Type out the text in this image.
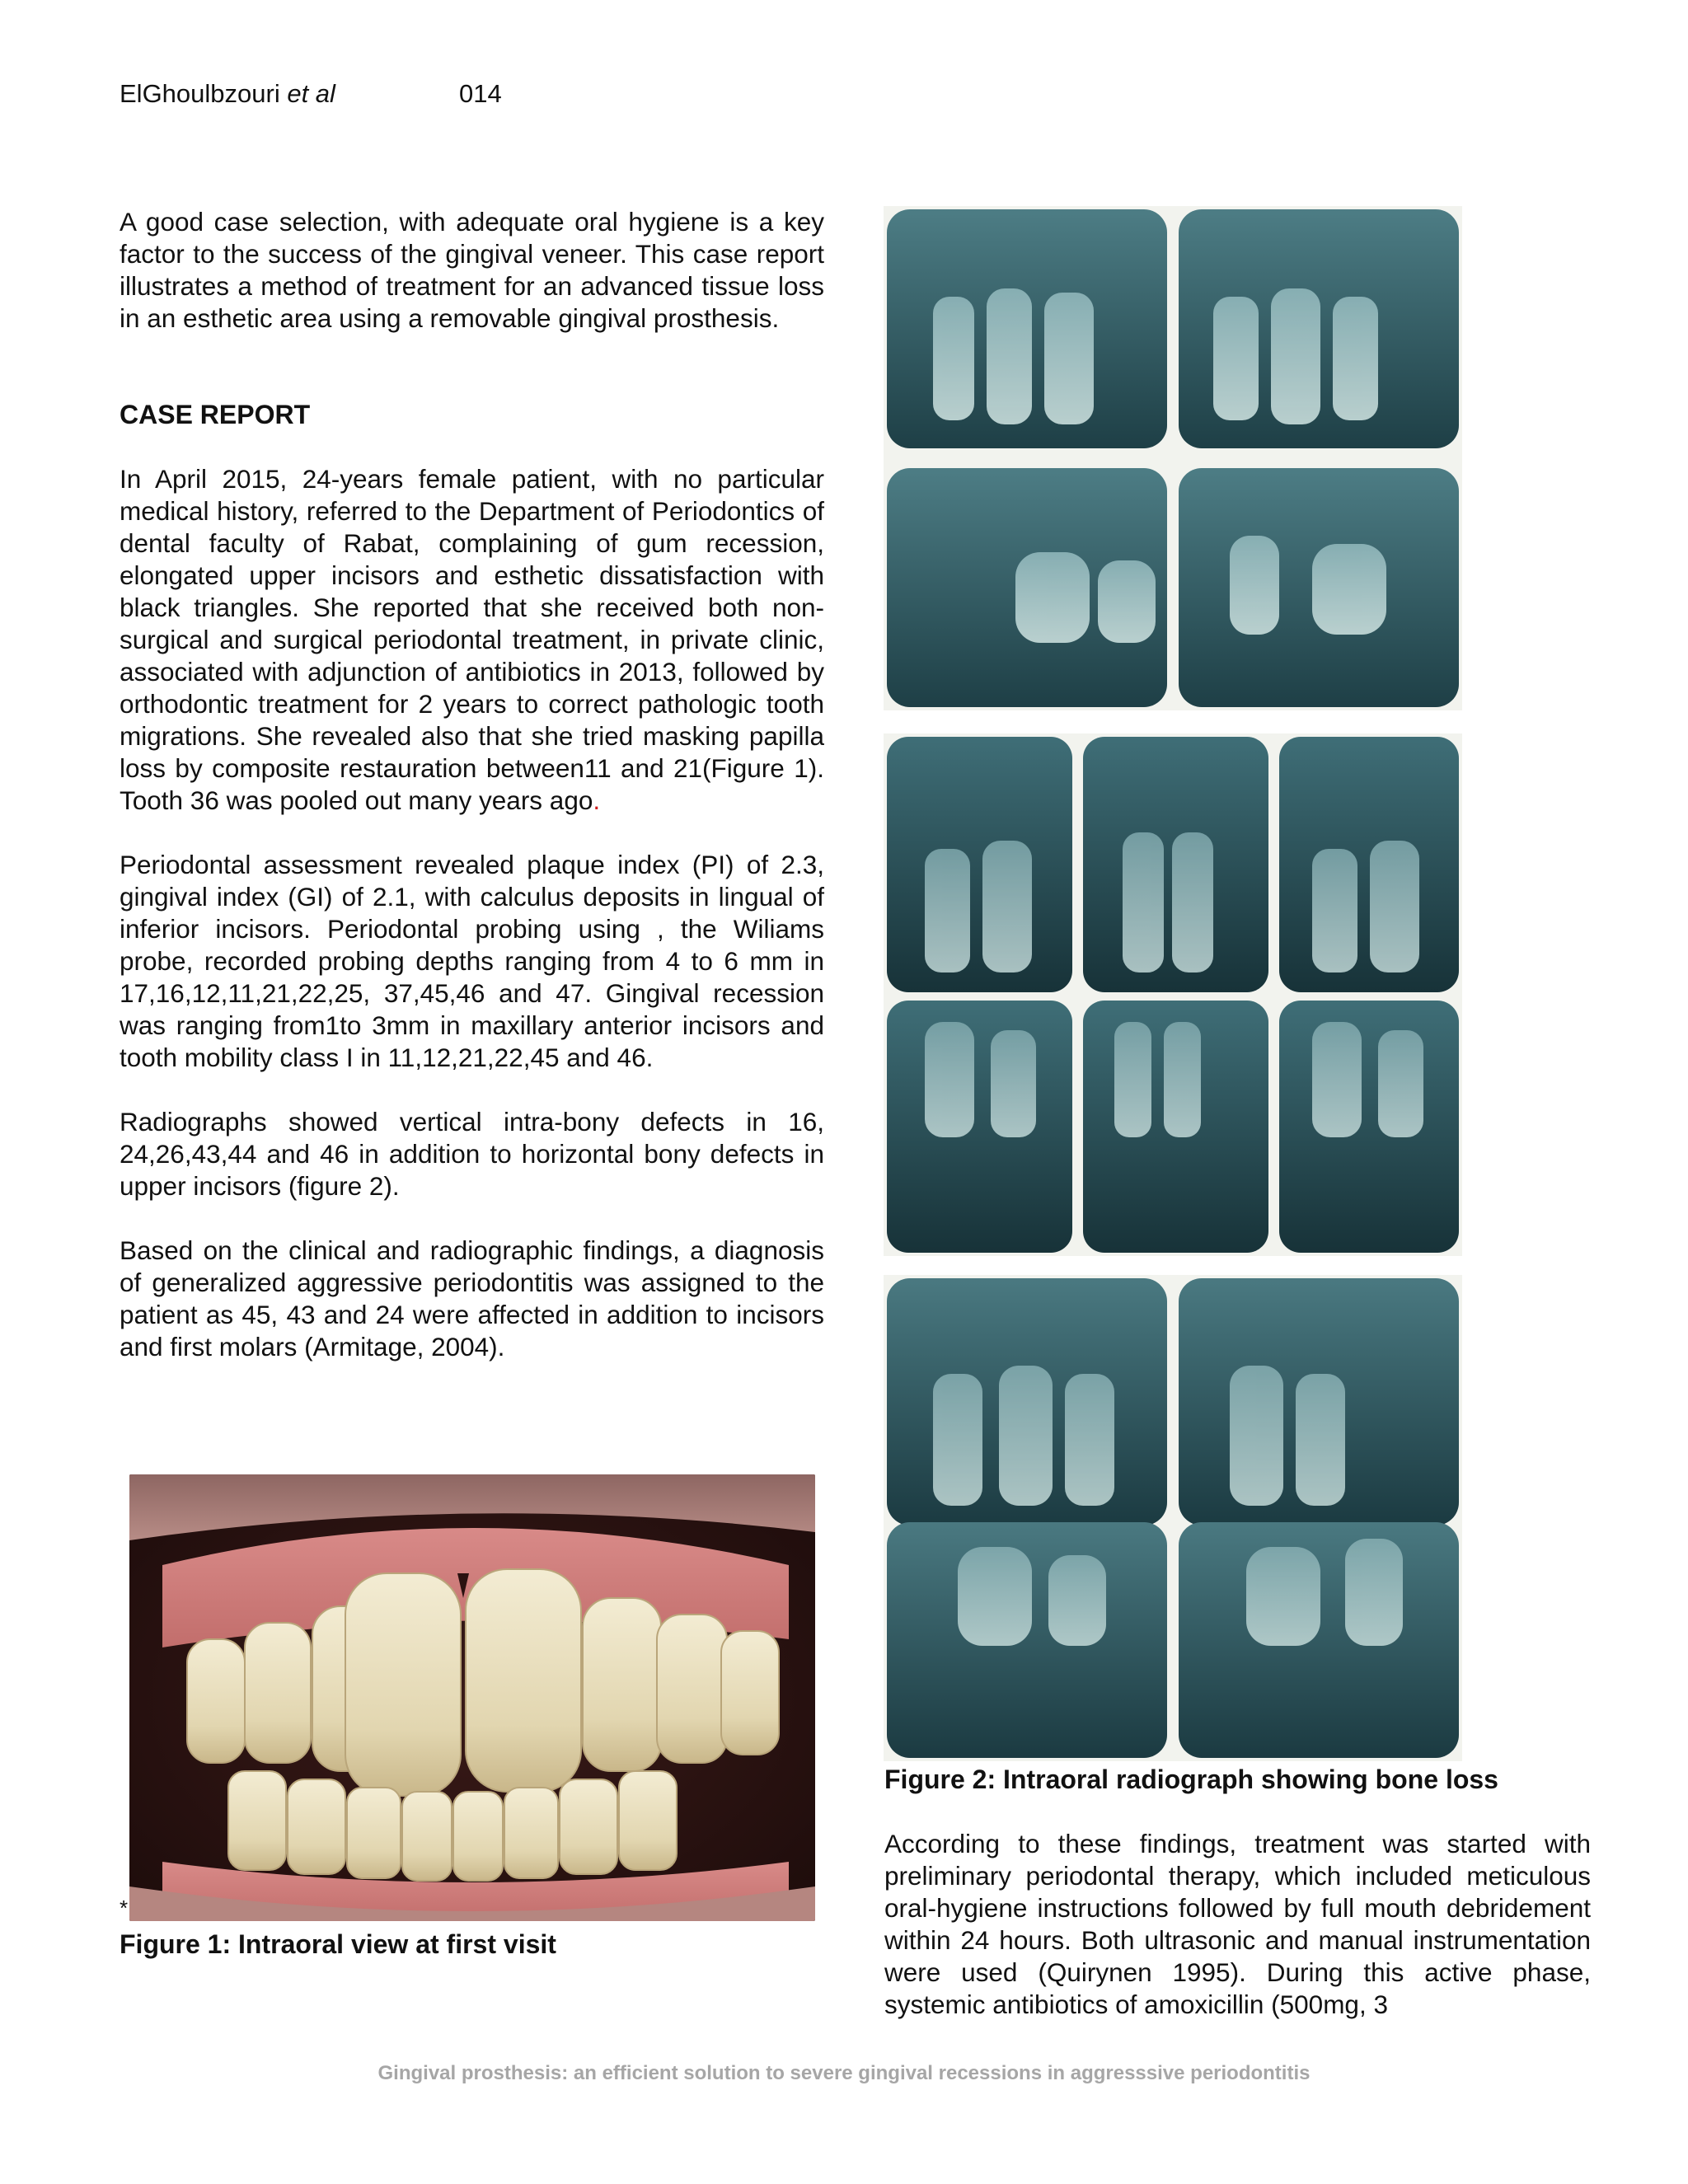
ElGhoulbzouri et al	014

A good case selection, with adequate oral hygiene is a key factor to the success of the gingival veneer. This case report illustrates a method of treatment for an advanced tissue loss in an esthetic area using a removable gingival prosthesis.

CASE REPORT

In April 2015, 24-years female patient, with no particular medical history, referred to the Department of Periodontics of dental faculty of Rabat, complaining of gum recession, elongated upper incisors and esthetic dissatisfaction with black triangles. She reported that she received both non-surgical and surgical periodontal treatment, in private clinic, associated with adjunction of antibiotics in 2013, followed by orthodontic treatment for 2 years to correct pathologic tooth migrations. She revealed also that she tried masking papilla loss by composite restauration between11 and 21(Figure 1). Tooth 36 was pooled out many years ago.

Periodontal assessment revealed plaque index (PI) of 2.3, gingival index (GI) of 2.1, with calculus deposits in lingual of inferior incisors. Periodontal probing using , the Wiliams probe, recorded probing depths ranging from 4 to 6 mm in 17,16,12,11,21,22,25, 37,45,46 and 47. Gingival recession was ranging from1to 3mm in maxillary anterior incisors and tooth mobility class I in 11,12,21,22,45 and 46.

Radiographs showed vertical intra-bony defects in 16, 24,26,43,44 and 46 in addition to horizontal bony defects in upper incisors (figure 2).

Based on the clinical and radiographic findings, a diagnosis of generalized aggressive periodontitis was assigned to the patient as 45, 43 and 24 were affected in addition to incisors and first molars (Armitage, 2004).

*

Figure 1: Intraoral view at first visit

Figure 2: Intraoral radiograph showing bone loss

According to these findings, treatment was started with preliminary periodontal therapy, which included meticulous oral-hygiene instructions followed by full mouth debridement within 24 hours. Both ultrasonic and manual instrumentation were used (Quirynen 1995). During this active phase, systemic antibiotics of amoxicillin (500mg, 3

Gingival prosthesis: an efficient solution to severe gingival recessions in aggresssive periodontitis
